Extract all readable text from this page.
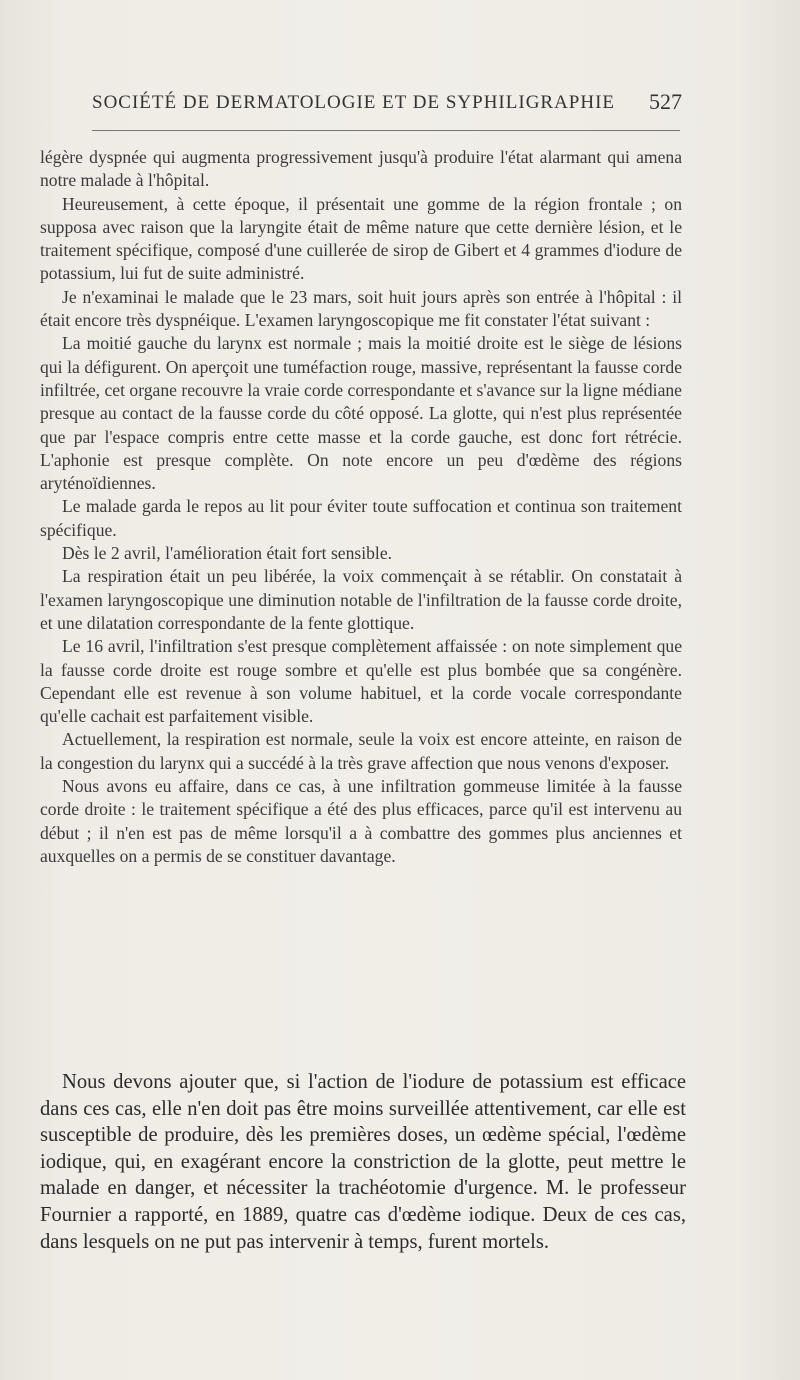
SOCIÉTÉ DE DERMATOLOGIE ET DE SYPHILIGRAPHIE 527

légère dyspnée qui augmenta progressivement jusqu'à produire l'état alarmant qui amena notre malade à l'hôpital.

Heureusement, à cette époque, il présentait une gomme de la région frontale ; on supposa avec raison que la laryngite était de même nature que cette dernière lésion, et le traitement spécifique, composé d'une cuillerée de sirop de Gibert et 4 grammes d'iodure de potassium, lui fut de suite administré.

Je n'examinai le malade que le 23 mars, soit huit jours après son entrée à l'hôpital : il était encore très dyspnéique. L'examen laryngoscopique me fit constater l'état suivant :

La moitié gauche du larynx est normale ; mais la moitié droite est le siège de lésions qui la défigurent. On aperçoit une tuméfaction rouge, massive, représentant la fausse corde infiltrée, cet organe recouvre la vraie corde correspondante et s'avance sur la ligne médiane presque au contact de la fausse corde du côté opposé. La glotte, qui n'est plus représentée que par l'espace compris entre cette masse et la corde gauche, est donc fort rétrécie. L'aphonie est presque complète. On note encore un peu d'œdème des régions aryténoïdiennes.

Le malade garda le repos au lit pour éviter toute suffocation et continua son traitement spécifique.

Dès le 2 avril, l'amélioration était fort sensible.

La respiration était un peu libérée, la voix commençait à se rétablir. On constatait à l'examen laryngoscopique une diminution notable de l'infiltration de la fausse corde droite, et une dilatation correspondante de la fente glottique.

Le 16 avril, l'infiltration s'est presque complètement affaissée : on note simplement que la fausse corde droite est rouge sombre et qu'elle est plus bombée que sa congénère. Cependant elle est revenue à son volume habituel, et la corde vocale correspondante qu'elle cachait est parfaitement visible.

Actuellement, la respiration est normale, seule la voix est encore atteinte, en raison de la congestion du larynx qui a succédé à la très grave affection que nous venons d'exposer.

Nous avons eu affaire, dans ce cas, à une infiltration gommeuse limitée à la fausse corde droite : le traitement spécifique a été des plus efficaces, parce qu'il est intervenu au début ; il n'en est pas de même lorsqu'il a à combattre des gommes plus anciennes et auxquelles on a permis de se constituer davantage.

Nous devons ajouter que, si l'action de l'iodure de potassium est efficace dans ces cas, elle n'en doit pas être moins surveillée attentivement, car elle est susceptible de produire, dès les premières doses, un œdème spécial, l'œdème iodique, qui, en exagérant encore la constriction de la glotte, peut mettre le malade en danger, et nécessiter la trachéotomie d'urgence. M. le professeur Fournier a rapporté, en 1889, quatre cas d'œdème iodique. Deux de ces cas, dans lesquels on ne put pas intervenir à temps, furent mortels.
